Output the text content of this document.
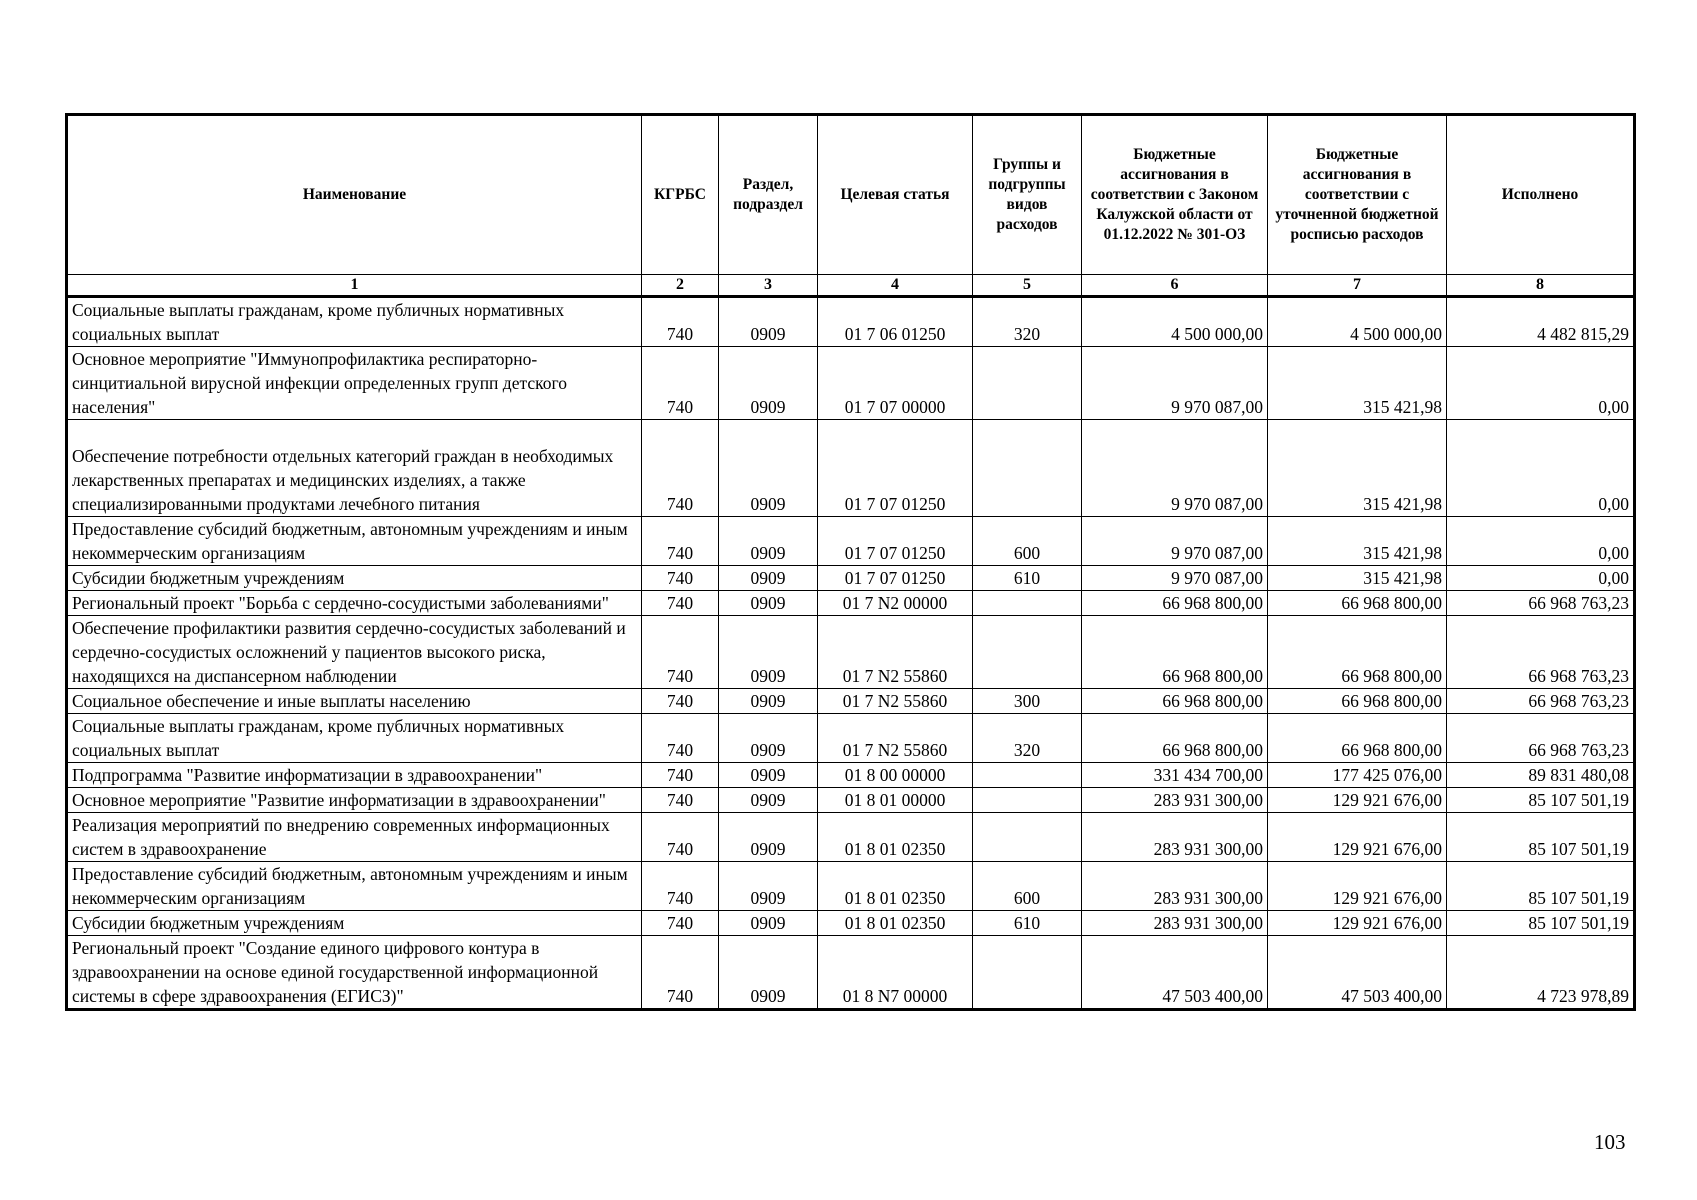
Наименование	КГРБС	Раздел, подраздел	Целевая статья	Группы и подгруппы видов расходов	Бюджетные ассигнования в соответствии с Законом Калужской области от 01.12.2022 № 301-ОЗ	Бюджетные ассигнования в соответствии с уточненной бюджетной росписью расходов	Исполнено
1	2	3	4	5	6	7	8
Социальные выплаты гражданам, кроме публичных нормативных социальных выплат	740	0909	01 7 06 01250	320	4 500 000,00	4 500 000,00	4 482 815,29
Основное мероприятие "Иммунопрофилактика респираторно-синцитиальной вирусной инфекции определенных групп детского населения"	740	0909	01 7 07 00000		9 970 087,00	315 421,98	0,00
Обеспечение потребности отдельных категорий граждан в необходимых лекарственных препаратах и медицинских изделиях, а также специализированными продуктами лечебного питания	740	0909	01 7 07 01250		9 970 087,00	315 421,98	0,00
Предоставление субсидий бюджетным, автономным учреждениям и иным некоммерческим организациям	740	0909	01 7 07 01250	600	9 970 087,00	315 421,98	0,00
Субсидии бюджетным учреждениям	740	0909	01 7 07 01250	610	9 970 087,00	315 421,98	0,00
Региональный проект "Борьба с сердечно-сосудистыми заболеваниями"	740	0909	01 7 N2 00000		66 968 800,00	66 968 800,00	66 968 763,23
Обеспечение профилактики развития сердечно-сосудистых заболеваний и сердечно-сосудистых осложнений у пациентов высокого риска, находящихся на диспансерном наблюдении	740	0909	01 7 N2 55860		66 968 800,00	66 968 800,00	66 968 763,23
Социальное обеспечение и иные выплаты населению	740	0909	01 7 N2 55860	300	66 968 800,00	66 968 800,00	66 968 763,23
Социальные выплаты гражданам, кроме публичных нормативных социальных выплат	740	0909	01 7 N2 55860	320	66 968 800,00	66 968 800,00	66 968 763,23
Подпрограмма "Развитие информатизации в здравоохранении"	740	0909	01 8 00 00000		331 434 700,00	177 425 076,00	89 831 480,08
Основное мероприятие "Развитие информатизации в здравоохранении"	740	0909	01 8 01 00000		283 931 300,00	129 921 676,00	85 107 501,19
Реализация мероприятий по внедрению современных информационных систем в здравоохранение	740	0909	01 8 01 02350		283 931 300,00	129 921 676,00	85 107 501,19
Предоставление субсидий бюджетным, автономным учреждениям и иным некоммерческим организациям	740	0909	01 8 01 02350	600	283 931 300,00	129 921 676,00	85 107 501,19
Субсидии бюджетным учреждениям	740	0909	01 8 01 02350	610	283 931 300,00	129 921 676,00	85 107 501,19
Региональный проект "Создание единого цифрового контура в здравоохранении на основе единой государственной информационной системы в сфере здравоохранения (ЕГИСЗ)"	740	0909	01 8 N7 00000		47 503 400,00	47 503 400,00	4 723 978,89
103
